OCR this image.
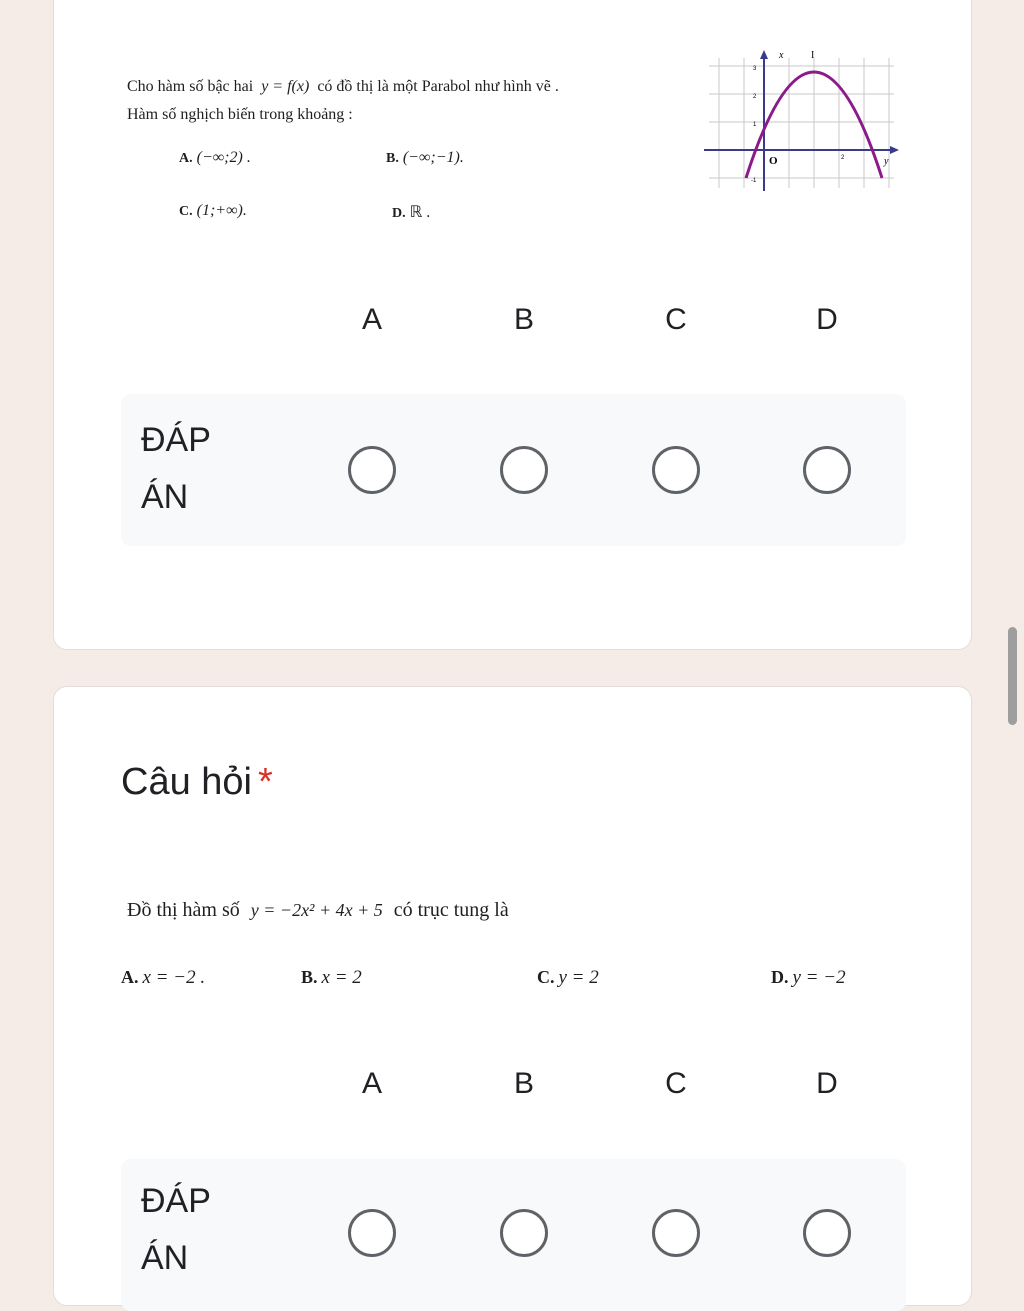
Cho hàm số bậc hai y = f(x) có đồ thị là một Parabol như hình vẽ .
Hàm số nghịch biến trong khoảng :
A. (−∞;2) .	B. (−∞;−1).
C. (1;+∞).	D. ℝ .
x	I
O	y
3
2
1
-1
2
A	B	C	D
ĐÁP
ÁN
Câu hỏi *
Đồ thị hàm số y = −2x² + 4x + 5 có trục tung là
A. x = −2 .	B. x = 2	C. y = 2	D. y = −2
A	B	C	D
ĐÁP
ÁN
